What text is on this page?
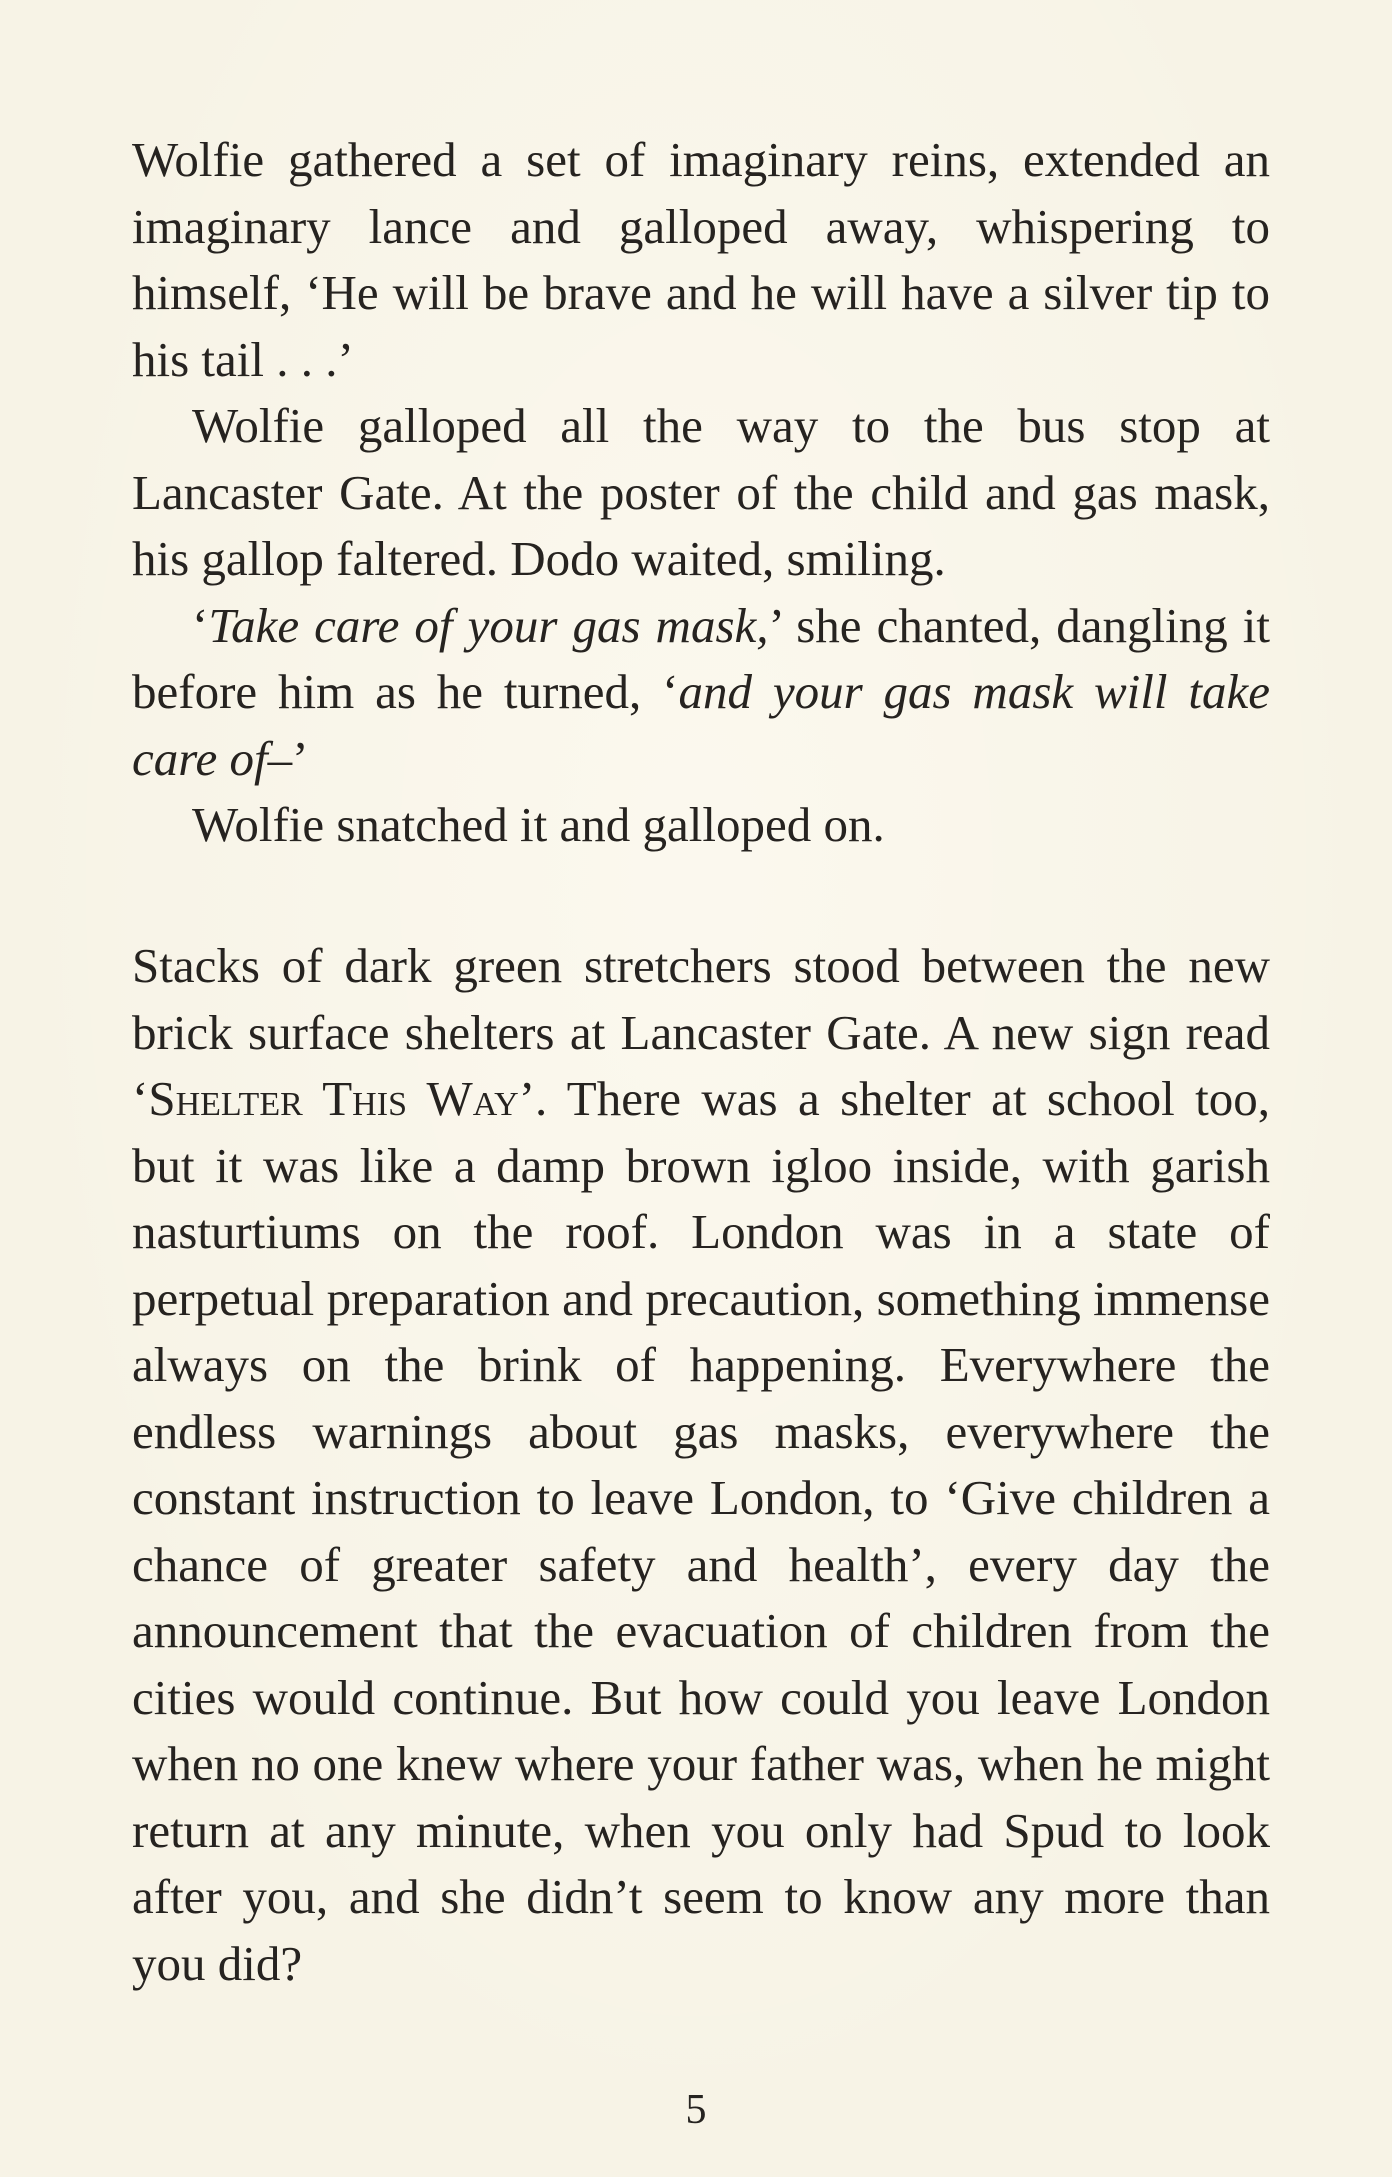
Wolfie gathered a set of imaginary reins, extended an imaginary lance and galloped away, whispering to himself, ‘He will be brave and he will have a silver tip to his tail . . .’

Wolfie galloped all the way to the bus stop at Lancaster Gate. At the poster of the child and gas mask, his gallop faltered. Dodo waited, smiling.

‘Take care of your gas mask,’ she chanted, dangling it before him as he turned, ‘and your gas mask will take care of–’

Wolfie snatched it and galloped on.

Stacks of dark green stretchers stood between the new brick surface shelters at Lancaster Gate. A new sign read ‘Shelter This Way’. There was a shelter at school too, but it was like a damp brown igloo inside, with garish nasturtiums on the roof. London was in a state of perpetual preparation and precaution, something immense always on the brink of happening. Everywhere the endless warnings about gas masks, everywhere the constant instruction to leave London, to ‘Give children a chance of greater safety and health’, every day the announcement that the evacuation of children from the cities would continue. But how could you leave London when no one knew where your father was, when he might return at any minute, when you only had Spud to look after you, and she didn’t seem to know any more than you did?

5
